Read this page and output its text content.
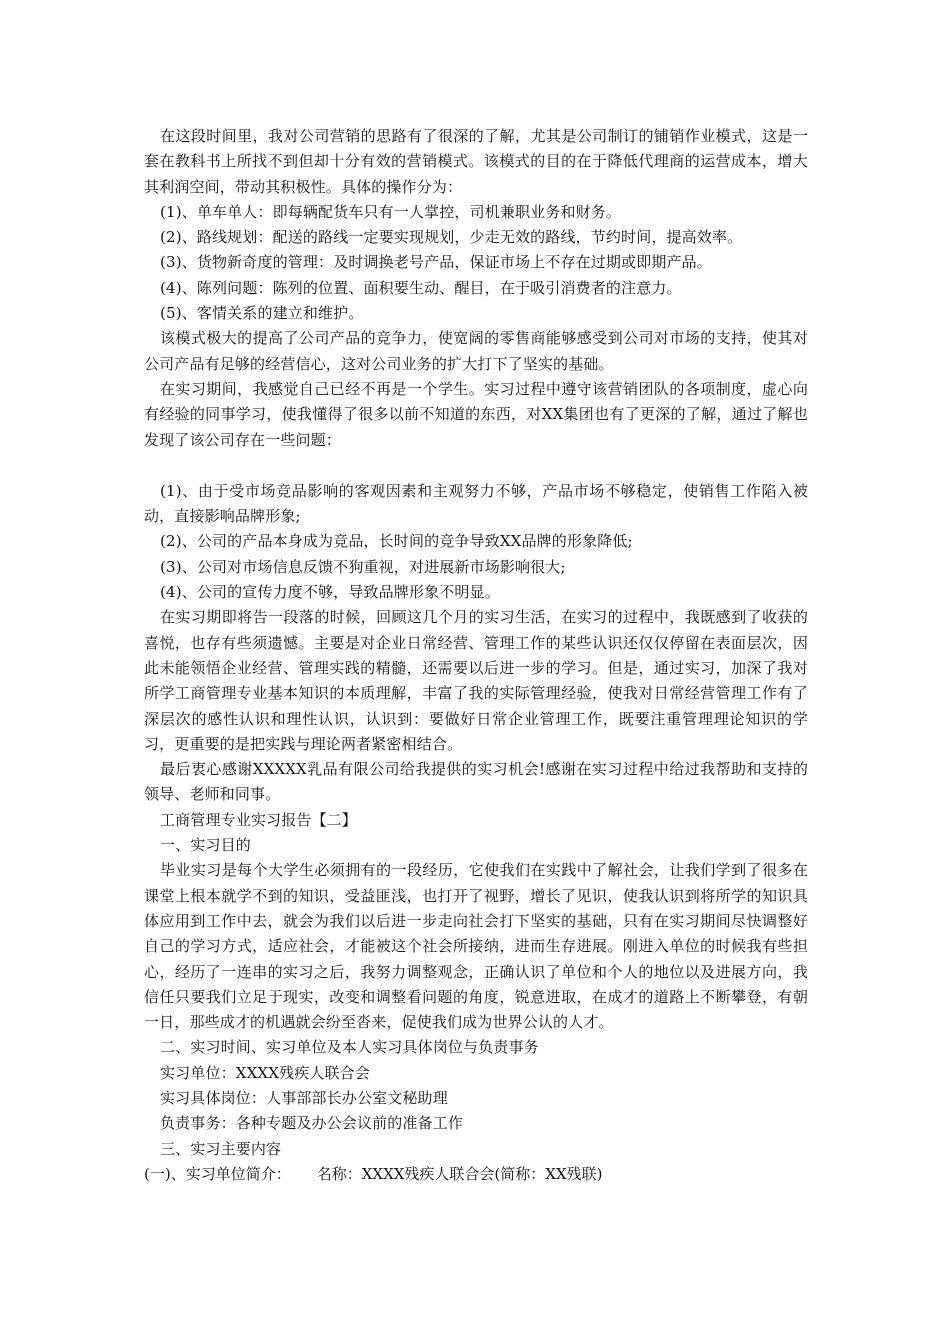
在这段时间里，我对公司营销的思路有了很深的了解，尤其是公司制订的铺销作业模式，这是一套在教科书上所找不到但却十分有效的营销模式。该模式的目的在于降低代理商的运营成本，增大其利润空间，带动其积极性。具体的操作分为：

(1)、单车单人：即每辆配货车只有一人掌控，司机兼职业务和财务。

(2)、路线规划：配送的路线一定要实现规划，少走无效的路线，节约时间，提高效率。

(3)、货物新奇度的管理：及时调换老号产品，保证市场上不存在过期或即期产品。

(4)、陈列问题：陈列的位置、面积要生动、醒目，在于吸引消费者的注意力。

(5)、客情关系的建立和维护。

该模式极大的提高了公司产品的竞争力，使宽阔的零售商能够感受到公司对市场的支持，使其对公司产品有足够的经营信心，这对公司业务的扩大打下了坚实的基础。

在实习期间，我感觉自己已经不再是一个学生。实习过程中遵守该营销团队的各项制度，虚心向有经验的同事学习，使我懂得了很多以前不知道的东西，对XX集团也有了更深的了解，通过了解也发现了该公司存在一些问题：

(1)、由于受市场竞品影响的客观因素和主观努力不够，产品市场不够稳定，使销售工作陷入被动，直接影响品牌形象;

(2)、公司的产品本身成为竞品，长时间的竞争导致XX品牌的形象降低;

(3)、公司对市场信息反馈不狗重视，对进展新市场影响很大;

(4)、公司的宣传力度不够，导致品牌形象不明显。

在实习期即将告一段落的时候，回顾这几个月的实习生活，在实习的过程中，我既感到了收获的喜悦，也存有些须遗憾。主要是对企业日常经营、管理工作的某些认识还仅仅停留在表面层次，因此未能领悟企业经营、管理实践的精髓，还需要以后进一步的学习。但是，通过实习，加深了我对所学工商管理专业基本知识的本质理解，丰富了我的实际管理经验，使我对日常经营管理工作有了深层次的感性认识和理性认识，认识到：要做好日常企业管理工作，既要注重管理理论知识的学习，更重要的是把实践与理论两者紧密相结合。

最后衷心感谢XXXXX乳品有限公司给我提供的实习机会!感谢在实习过程中给过我帮助和支持的领导、老师和同事。

工商管理专业实习报告【二】

一、实习目的

毕业实习是每个大学生必须拥有的一段经历，它使我们在实践中了解社会，让我们学到了很多在课堂上根本就学不到的知识，受益匪浅，也打开了视野，增长了见识，使我认识到将所学的知识具体应用到工作中去，就会为我们以后进一步走向社会打下坚实的基础，只有在实习期间尽快调整好自己的学习方式，适应社会，才能被这个社会所接纳，进而生存进展。刚进入单位的时候我有些担心，经历了一连串的实习之后，我努力调整观念，正确认识了单位和个人的地位以及进展方向，我信任只要我们立足于现实，改变和调整看问题的角度，锐意进取，在成才的道路上不断攀登，有朝一日，那些成才的机遇就会纷至沓来，促使我们成为世界公认的人才。

二、实习时间、实习单位及本人实习具体岗位与负责事务

实习单位：XXXX残疾人联合会

实习具体岗位：人事部部长办公室文秘助理

负责事务：各种专题及办公会议前的准备工作

三、实习主要内容

(一)、实习单位简介： 名称：XXXX残疾人联合会(简称：XX残联)
